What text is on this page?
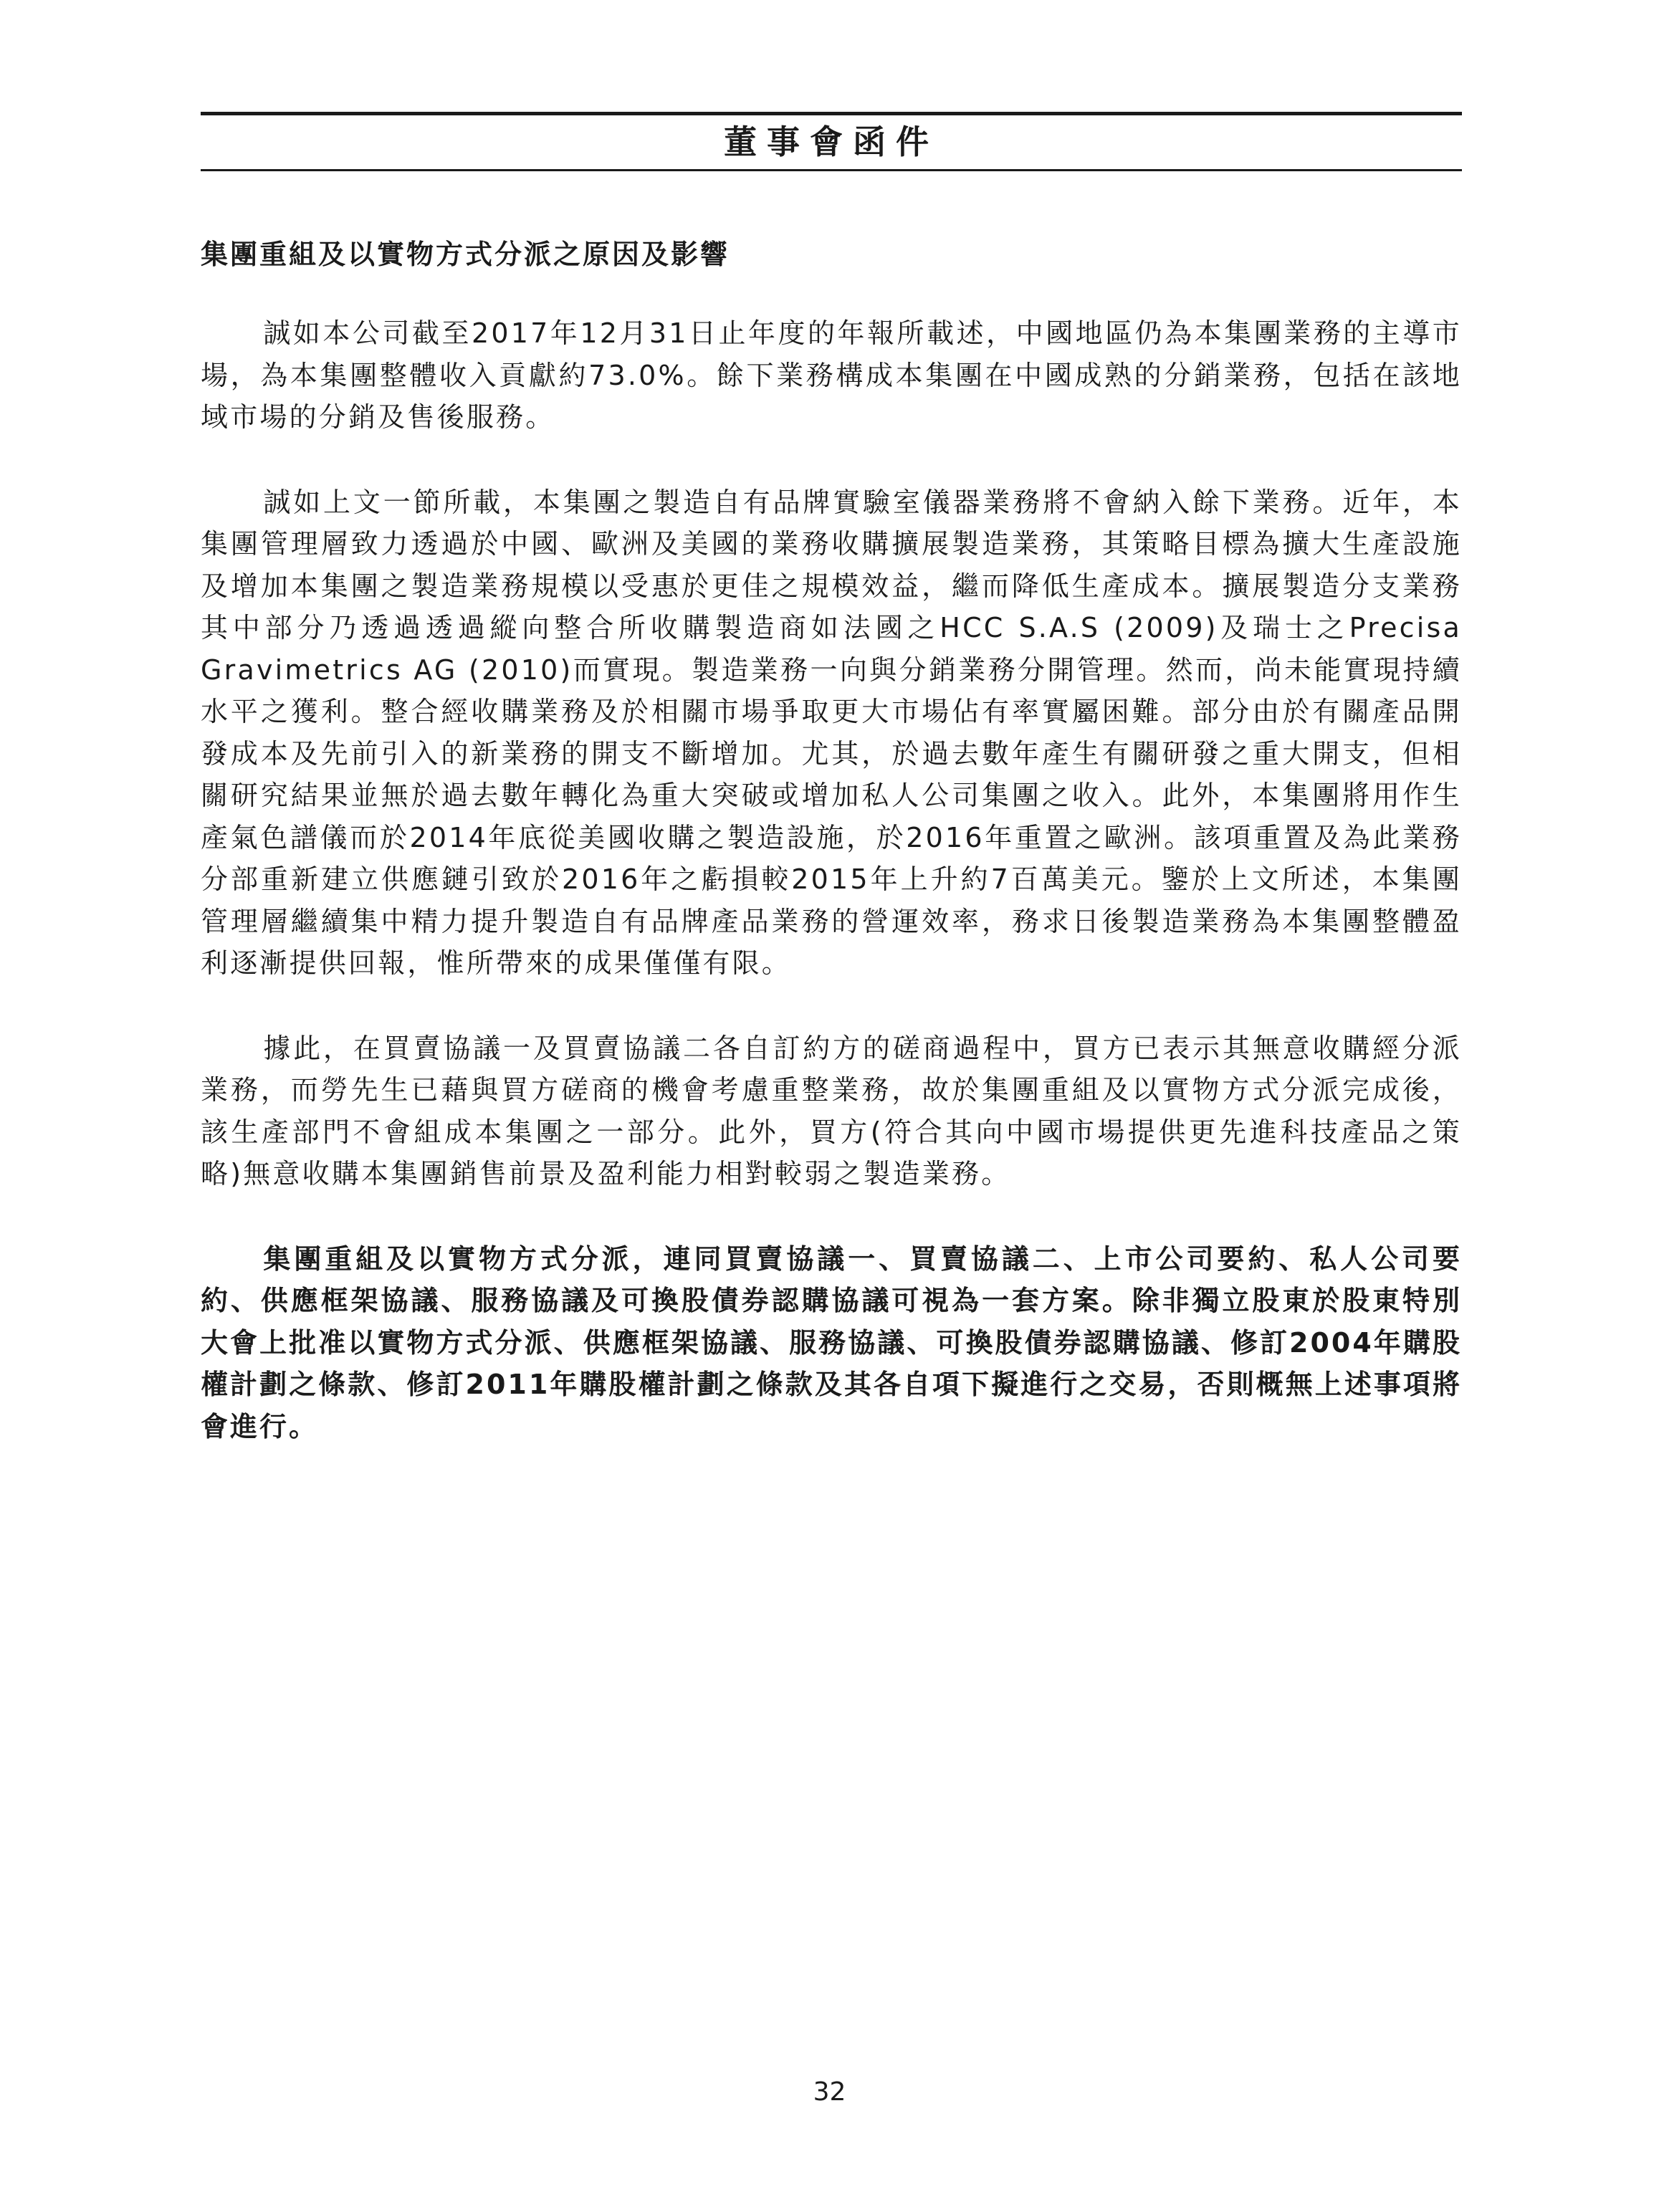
董事會函件
集團重組及以實物方式分派之原因及影響

誠如本公司截至2017年12月31日止年度的年報所載述，中國地區仍為本集團業務的主導市場，為本集團整體收入貢獻約73.0%。餘下業務構成本集團在中國成熟的分銷業務，包括在該地域市場的分銷及售後服務。

誠如上文一節所載，本集團之製造自有品牌實驗室儀器業務將不會納入餘下業務。近年，本集團管理層致力透過於中國、歐洲及美國的業務收購擴展製造業務，其策略目標為擴大生產設施及增加本集團之製造業務規模以受惠於更佳之規模效益，繼而降低生產成本。擴展製造分支業務其中部分乃透過透過縱向整合所收購製造商如法國之HCC S.A.S (2009)及瑞士之Precisa Gravimetrics AG (2010)而實現。製造業務一向與分銷業務分開管理。然而，尚未能實現持續水平之獲利。整合經收購業務及於相關市場爭取更大市場佔有率實屬困難。部分由於有關產品開發成本及先前引入的新業務的開支不斷增加。尤其，於過去數年產生有關研發之重大開支，但相關研究結果並無於過去數年轉化為重大突破或增加私人公司集團之收入。此外，本集團將用作生產氣色譜儀而於2014年底從美國收購之製造設施，於2016年重置之歐洲。該項重置及為此業務分部重新建立供應鏈引致於2016年之虧損較2015年上升約7百萬美元。鑒於上文所述，本集團管理層繼續集中精力提升製造自有品牌產品業務的營運效率，務求日後製造業務為本集團整體盈利逐漸提供回報，惟所帶來的成果僅僅有限。

據此，在買賣協議一及買賣協議二各自訂約方的磋商過程中，買方已表示其無意收購經分派業務，而勞先生已藉與買方磋商的機會考慮重整業務，故於集團重組及以實物方式分派完成後，該生產部門不會組成本集團之一部分。此外，買方(符合其向中國市場提供更先進科技產品之策略)無意收購本集團銷售前景及盈利能力相對較弱之製造業務。

集團重組及以實物方式分派，連同買賣協議一、買賣協議二、上市公司要約、私人公司要約、供應框架協議、服務協議及可換股債券認購協議可視為一套方案。除非獨立股東於股東特別大會上批准以實物方式分派、供應框架協議、服務協議、可換股債券認購協議、修訂2004年購股權計劃之條款、修訂2011年購股權計劃之條款及其各自項下擬進行之交易，否則概無上述事項將會進行。

32
